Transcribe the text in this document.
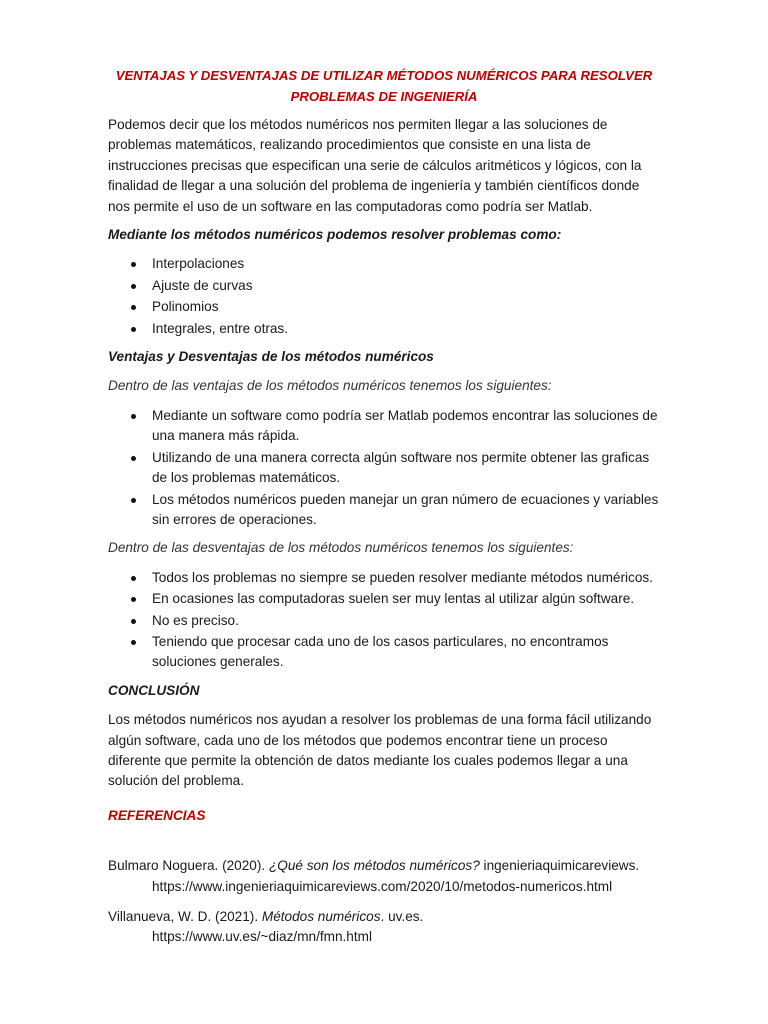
VENTAJAS Y DESVENTAJAS DE UTILIZAR MÉTODOS NUMÉRICOS PARA RESOLVER
PROBLEMAS DE INGENIERÍA

Podemos decir que los métodos numéricos nos permiten llegar a las soluciones de problemas matemáticos, realizando procedimientos que consiste en una lista de instrucciones precisas que especifican una serie de cálculos aritméticos y lógicos, con la finalidad de llegar a una solución del problema de ingeniería y también científicos donde nos permite el uso de un software en las computadoras como podría ser Matlab.

Mediante los métodos numéricos podemos resolver problemas como:

Interpolaciones
Ajuste de curvas
Polinomios
Integrales, entre otras.

Ventajas y Desventajas de los métodos numéricos

Dentro de las ventajas de los métodos numéricos tenemos los siguientes:

Mediante un software como podría ser Matlab podemos encontrar las soluciones de una manera más rápida.
Utilizando de una manera correcta algún software nos permite obtener las graficas de los problemas matemáticos.
Los métodos numéricos pueden manejar un gran número de ecuaciones y variables sin errores de operaciones.

Dentro de las desventajas de los métodos numéricos tenemos los siguientes:

Todos los problemas no siempre se pueden resolver mediante métodos numéricos.
En ocasiones las computadoras suelen ser muy lentas al utilizar algún software.
No es preciso.
Teniendo que procesar cada uno de los casos particulares, no encontramos soluciones generales.

CONCLUSIÓN

Los métodos numéricos nos ayudan a resolver los problemas de una forma fácil utilizando algún software, cada uno de los métodos que podemos encontrar tiene un proceso diferente que permite la obtención de datos mediante los cuales podemos llegar a una solución del problema.

REFERENCIAS

Bulmaro Noguera. (2020). ¿Qué son los métodos numéricos? ingenieriaquimicareviews.
https://www.ingenieriaquimicareviews.com/2020/10/metodos-numericos.html

Villanueva, W. D. (2021). Métodos numéricos. uv.es.
https://www.uv.es/~diaz/mn/fmn.html
